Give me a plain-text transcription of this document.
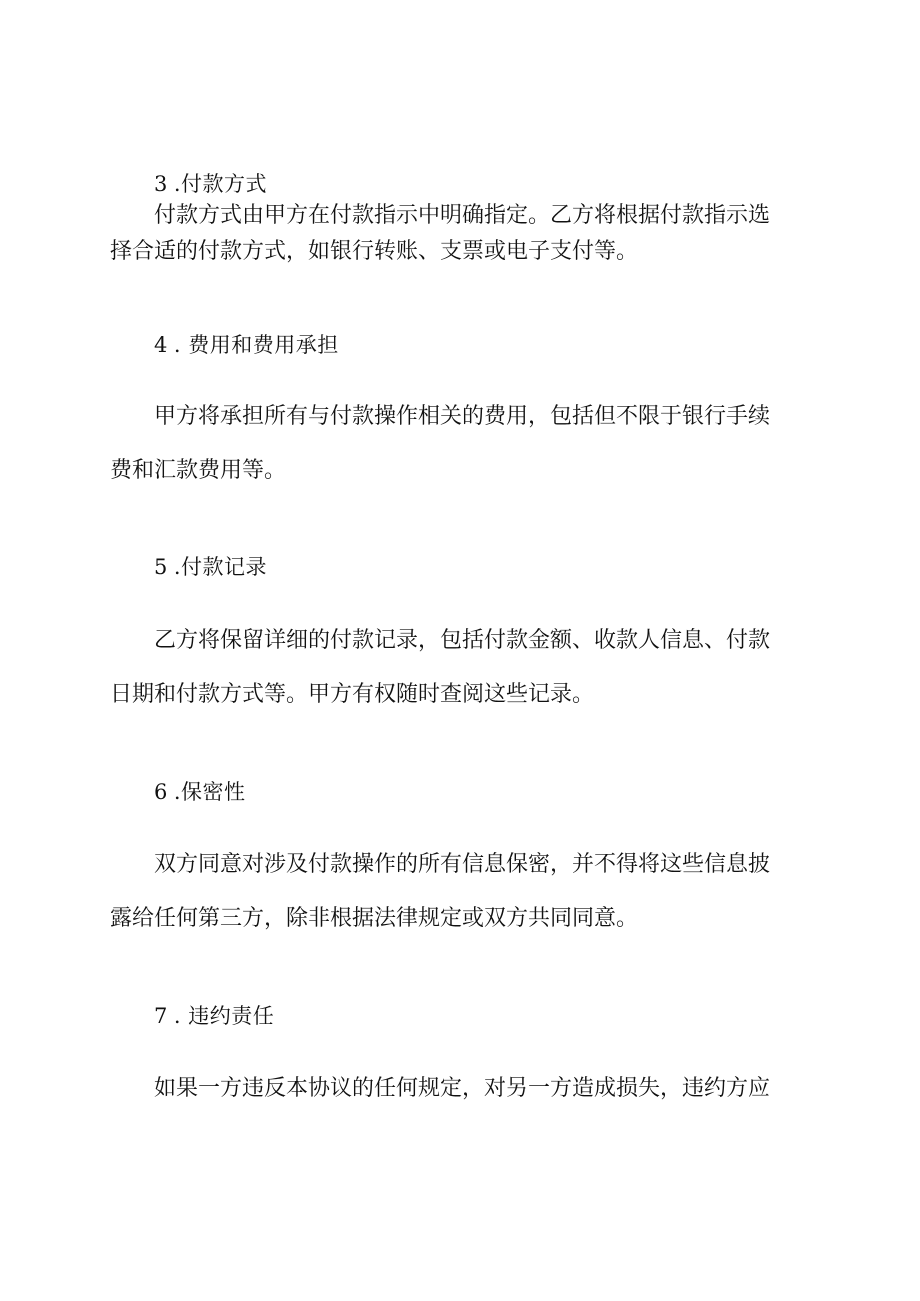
3 .付款方式
付款方式由甲方在付款指示中明确指定。乙方将根据付款指示选
择合适的付款方式，如银行转账、支票或电子支付等。
4 . 费用和费用承担
甲方将承担所有与付款操作相关的费用，包括但不限于银行手续
费和汇款费用等。
5 .付款记录
乙方将保留详细的付款记录，包括付款金额、收款人信息、付款
日期和付款方式等。甲方有权随时查阅这些记录。
6 .保密性
双方同意对涉及付款操作的所有信息保密，并不得将这些信息披
露给任何第三方，除非根据法律规定或双方共同同意。
7 . 违约责任
如果一方违反本协议的任何规定，对另一方造成损失，违约方应
